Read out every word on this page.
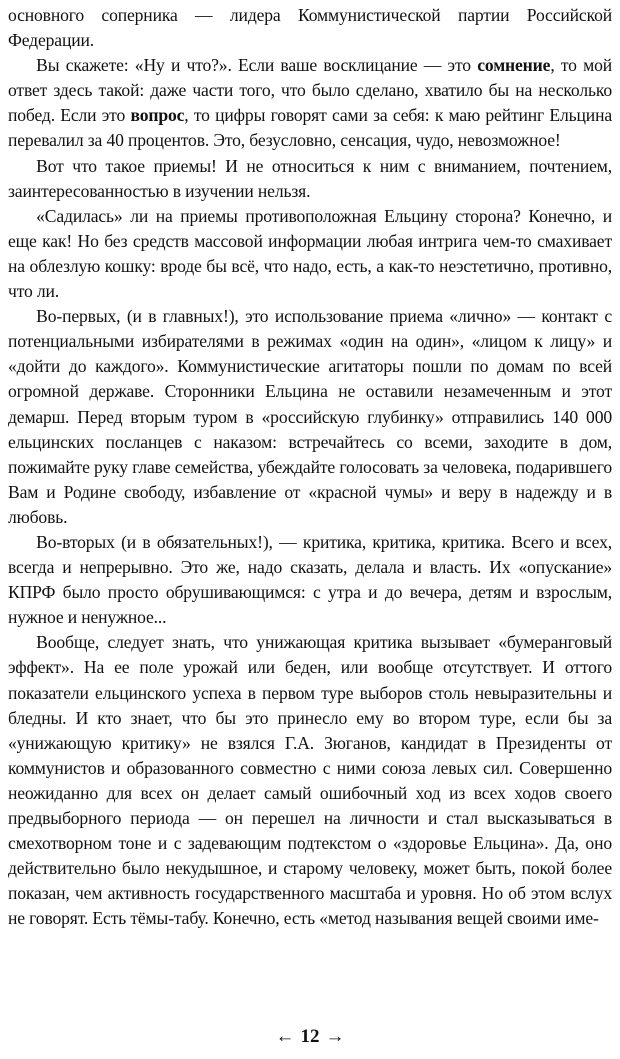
основного соперника — лидера Коммунистической партии Российской Федерации.

Вы скажете: «Ну и что?». Если ваше восклицание — это сомнение, то мой ответ здесь такой: даже части того, что было сделано, хватило бы на несколько побед. Если это вопрос, то цифры говорят сами за себя: к маю рейтинг Ельцина перевалил за 40 процентов. Это, безусловно, сенсация, чудо, невозможное!

Вот что такое приемы! И не относиться к ним с вниманием, почтением, заинтересованностью в изучении нельзя.

«Садилась» ли на приемы противоположная Ельцину сторона? Конечно, и еще как! Но без средств массовой информации любая интрига чем-то смахивает на облезлую кошку: вроде бы всё, что надо, есть, а как-то неэстетично, противно, что ли.

Во-первых, (и в главных!), это использование приема «лично» — контакт с потенциальными избирателями в режимах «один на один», «лицом к лицу» и «дойти до каждого». Коммунистические агитаторы пошли по домам по всей огромной державе. Сторонники Ельцина не оставили незамеченным и этот демарш. Перед вторым туром в «российскую глубинку» отправились 140 000 ельцинских посланцев с наказом: встречайтесь со всеми, заходите в дом, пожимайте руку главе семейства, убеждайте голосовать за человека, подарившего Вам и Родине свободу, избавление от «красной чумы» и веру в надежду и в любовь.

Во-вторых (и в обязательных!), — критика, критика, критика. Всего и всех, всегда и непрерывно. Это же, надо сказать, делала и власть. Их «опускание» КПРФ было просто обрушивающимся: с утра и до вечера, детям и взрослым, нужное и ненужное...

Вообще, следует знать, что унижающая критика вызывает «бумеранговый эффект». На ее поле урожай или беден, или вообще отсутствует. И оттого показатели ельцинского успеха в первом туре выборов столь невыразительны и бледны. И кто знает, что бы это принесло ему во втором туре, если бы за «унижающую критику» не взялся Г.А. Зюганов, кандидат в Президенты от коммунистов и образованного совместно с ними союза левых сил. Совершенно неожиданно для всех он делает самый ошибочный ход из всех ходов своего предвыборного периода — он перешел на личности и стал высказываться в смехотворном тоне и с задевающим подтекстом о «здоровье Ельцина». Да, оно действительно было некудышное, и старому человеку, может быть, покой более показан, чем активность государственного масштаба и уровня. Но об этом вслух не говорят. Есть тёмы-табу. Конечно, есть «метод называния вещей своими име-

← 12 →
